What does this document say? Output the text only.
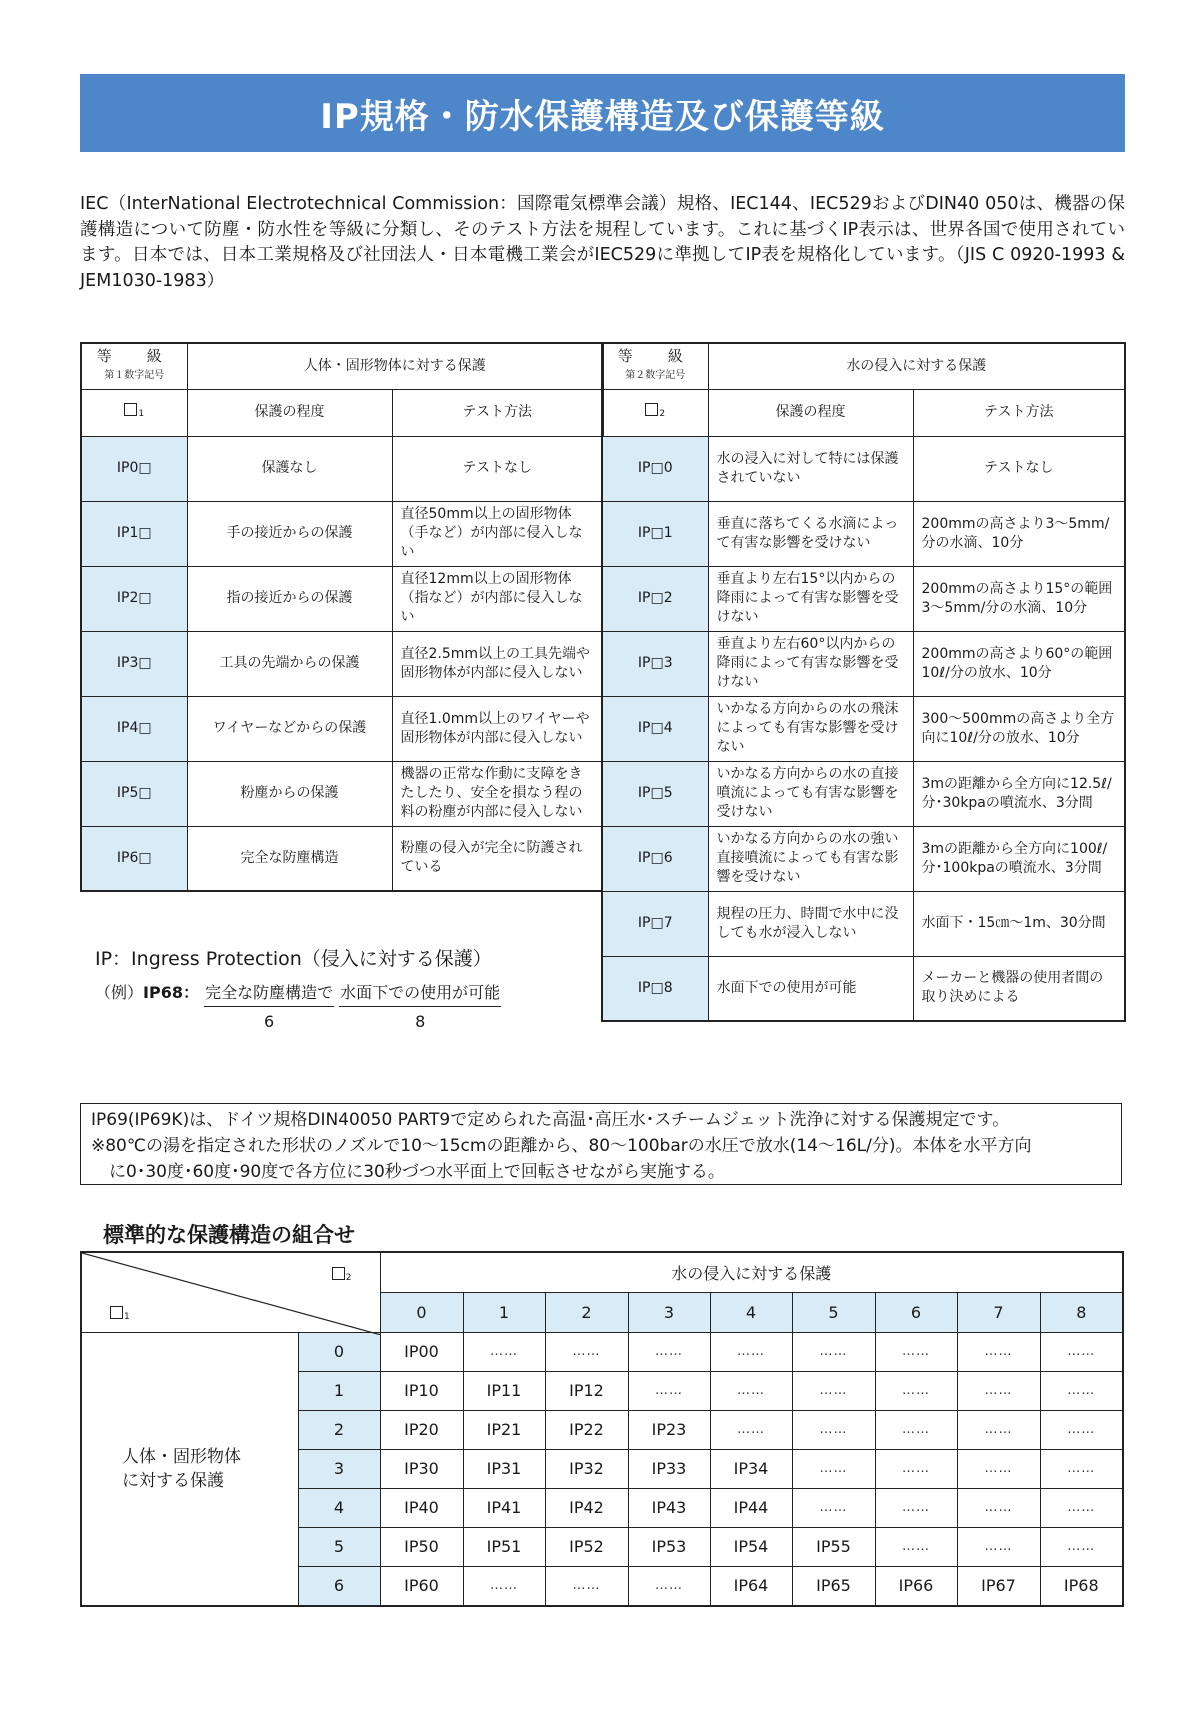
IP規格・防水保護構造及び保護等級
IEC（InterNational Electrotechnical Commission：国際電気標準会議）規格、IEC144、IEC529およびDIN40 050は、機器の保護構造について防塵・防水性を等級に分類し、そのテスト方法を規程しています。これに基づくIP表示は、世界各国で使用されています。日本では、日本工業規格及び社団法人・日本電機工業会がIEC529に準拠してIP表を規格化しています。（JIS C 0920-1993 & JEM1030-1983）
等　級
第１数字記号	人体・固形物体に対する保護	
$_1$	保護の程度	テスト方法
IP0□	保護なし	テストなし
IP1□	手の接近からの保護	直径50mm以上の固形物体（手など）が内部に侵入しない
IP2□	指の接近からの保護	直径12mm以上の固形物体（指など）が内部に侵入しない
IP3□	工具の先端からの保護	直径2.5mm以上の工具先端や固形物体が内部に侵入しない
IP4□	ワイヤーなどからの保護	直径1.0mm以上のワイヤーや固形物体が内部に侵入しない
IP5□	粉塵からの保護	機器の正常な作動に支障をきたしたり、安全を損なう程の料の粉塵が内部に侵入しない
IP6□	完全な防塵構造	粉塵の侵入が完全に防護されている
等　級
第２数字記号	水の侵入に対する保護	
$_2$	保護の程度	テスト方法
IP□0	水の浸入に対して特には保護されていない	テストなし
IP□1	垂直に落ちてくる水滴によって有害な影響を受けない	200mmの高さより3〜5mm/分の水滴、10分
IP□2	垂直より左右15°以内からの降雨によって有害な影響を受けない	200mmの高さより15°の範囲3〜5mm/分の水滴、10分
IP□3	垂直より左右60°以内からの降雨によって有害な影響を受けない	200mmの高さより60°の範囲10ℓ/分の放水、10分
IP□4	いかなる方向からの水の飛沫によっても有害な影響を受けない	300〜500mmの高さより全方向に10ℓ/分の放水、10分
IP□5	いかなる方向からの水の直接噴流によっても有害な影響を受けない	3mの距離から全方向に12.5ℓ/分･30kpaの噴流水、3分間
IP□6	いかなる方向からの水の強い直接噴流によっても有害な影響を受けない	3mの距離から全方向に100ℓ/分･100kpaの噴流水、3分間
IP□7	規程の圧力、時間で水中に没しても水が浸入しない	水面下・15㎝〜1m、30分間
IP□8	水面下での使用が可能	メーカーと機器の使用者間の取り決めによる
IP：Ingress Protection（侵入に対する保護）
（例）IP68： $\frac{\text{完全な防塵構造で}}{6}$
$\frac{\text{水面下での使用が可能}}{8}$
IP69(IP69K)は、ドイツ規格DIN40050 PART9で定められた高温･高圧水･スチームジェット洗浄に対する保護規定です。
※80℃の湯を指定された形状のノズルで10〜15cmの距離から、80〜100barの水圧で放水(14〜16L/分)。本体を水平方向
に0･30度･60度･90度で各方位に30秒づつ水平面上で回転させながら実施する。
標準的な保護構造の組合せ
$_2$
$_1$		水の侵入に対する保護								
		0	1	2	3	4	5	6	7	8
人体・固形物体に対する保護	0	IP00	……	……	……	……	……	……	……	……
	1	IP10	IP11	IP12	……	……	……	……	……	……
	2	IP20	IP21	IP22	IP23	……	……	……	……	……
	3	IP30	IP31	IP32	IP33	IP34	……	……	……	……
	4	IP40	IP41	IP42	IP43	IP44	……	……	……	……
	5	IP50	IP51	IP52	IP53	IP54	IP55	……	……	……
	6	IP60	……	……	……	IP64	IP65	IP66	IP67	IP68
